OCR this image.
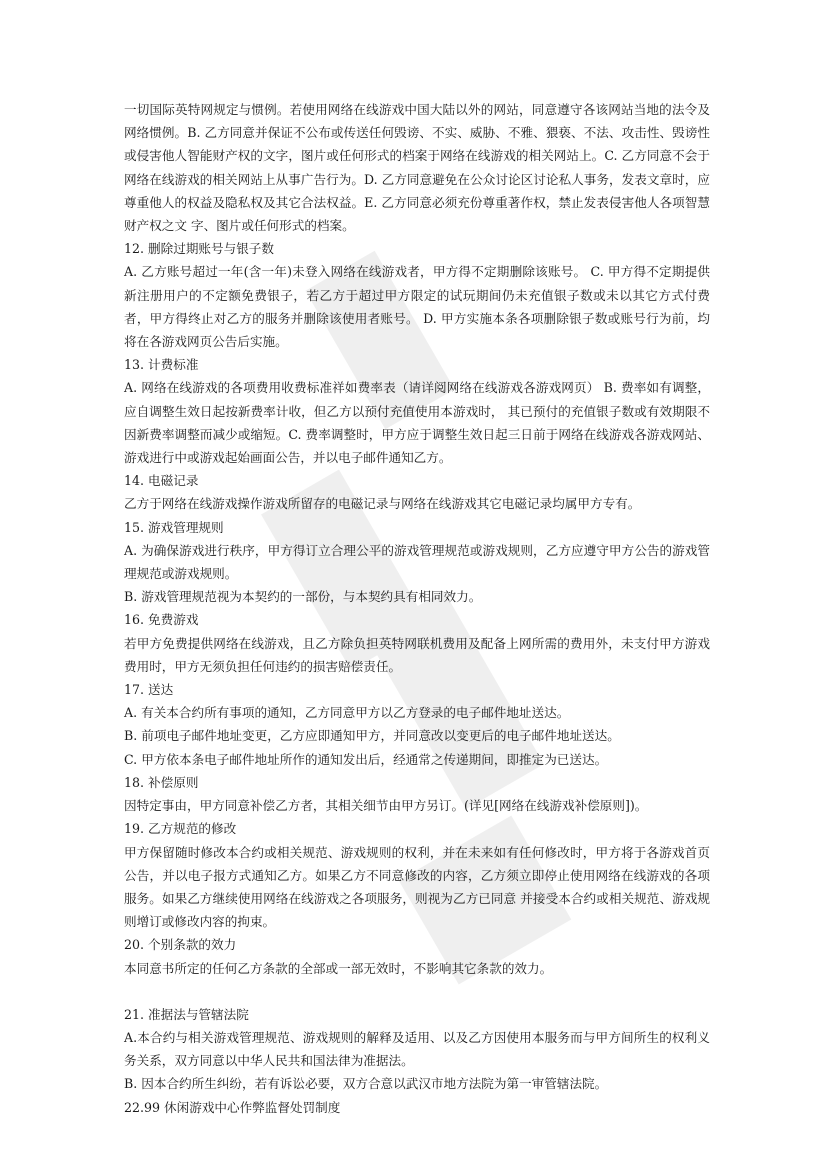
一切国际英特网规定与惯例。若使用网络在线游戏中国大陆以外的网站，同意遵守各该网站当地的法令及网络惯例。B. 乙方同意并保证不公布或传送任何毁谤、不实、威胁、不雅、猥亵、不法、攻击性、毁谤性或侵害他人智能财产权的文字，图片或任何形式的档案于网络在线游戏的相关网站上。C. 乙方同意不会于网络在线游戏的相关网站上从事广告行为。D. 乙方同意避免在公众讨论区讨论私人事务，发表文章时，应尊重他人的权益及隐私权及其它合法权益。E. 乙方同意必须充份尊重著作权，禁止发表侵害他人各项智慧财产权之文 字、图片或任何形式的档案。

12. 删除过期账号与银子数

A. 乙方账号超过一年(含一年)未登入网络在线游戏者，甲方得不定期删除该账号。 C. 甲方得不定期提供新注册用户的不定额免费银子，若乙方于超过甲方限定的试玩期间仍未充值银子数或未以其它方式付费者，甲方得终止对乙方的服务并删除该使用者账号。 D. 甲方实施本条各项删除银子数或账号行为前，均将在各游戏网页公告后实施。

13. 计费标准

A. 网络在线游戏的各项费用收费标准祥如费率表（请详阅网络在线游戏各游戏网页） B. 费率如有调整，应自调整生效日起按新费率计收，但乙方以预付充值使用本游戏时， 其已预付的充值银子数或有效期限不因新费率调整而减少或缩短。C. 费率调整时，甲方应于调整生效日起三日前于网络在线游戏各游戏网站、游戏进行中或游戏起始画面公告，并以电子邮件通知乙方。

14. 电磁记录

乙方于网络在线游戏操作游戏所留存的电磁记录与网络在线游戏其它电磁记录均属甲方专有。

15. 游戏管理规则

A. 为确保游戏进行秩序，甲方得订立合理公平的游戏管理规范或游戏规则，乙方应遵守甲方公告的游戏管理规范或游戏规则。

B. 游戏管理规范视为本契约的一部份，与本契约具有相同效力。

16. 免费游戏

若甲方免费提供网络在线游戏，且乙方除负担英特网联机费用及配备上网所需的费用外，未支付甲方游戏费用时，甲方无须负担任何违约的损害赔偿责任。

17. 送达

A. 有关本合约所有事项的通知，乙方同意甲方以乙方登录的电子邮件地址送达。

B. 前项电子邮件地址变更，乙方应即通知甲方，并同意改以变更后的电子邮件地址送达。

C. 甲方依本条电子邮件地址所作的通知发出后，经通常之传递期间，即推定为已送达。

18. 补偿原则

因特定事由，甲方同意补偿乙方者，其相关细节由甲方另订。(详见[网络在线游戏补偿原则])。

19. 乙方规范的修改

甲方保留随时修改本合约或相关规范、游戏规则的权利，并在未来如有任何修改时，甲方将于各游戏首页公告，并以电子报方式通知乙方。如果乙方不同意修改的内容，乙方须立即停止使用网络在线游戏的各项服务。如果乙方继续使用网络在线游戏之各项服务，则视为乙方已同意 并接受本合约或相关规范、游戏规则增订或修改内容的拘束。

20. 个别条款的效力

本同意书所定的任何乙方条款的全部或一部无效时，不影响其它条款的效力。

21. 准据法与管辖法院

A.本合约与相关游戏管理规范、游戏规则的解释及适用、以及乙方因使用本服务而与甲方间所生的权利义务关系，双方同意以中华人民共和国法律为准据法。

B. 因本合约所生纠纷，若有诉讼必要，双方合意以武汉市地方法院为第一审管辖法院。

22.99 休闲游戏中心作弊监督处罚制度
